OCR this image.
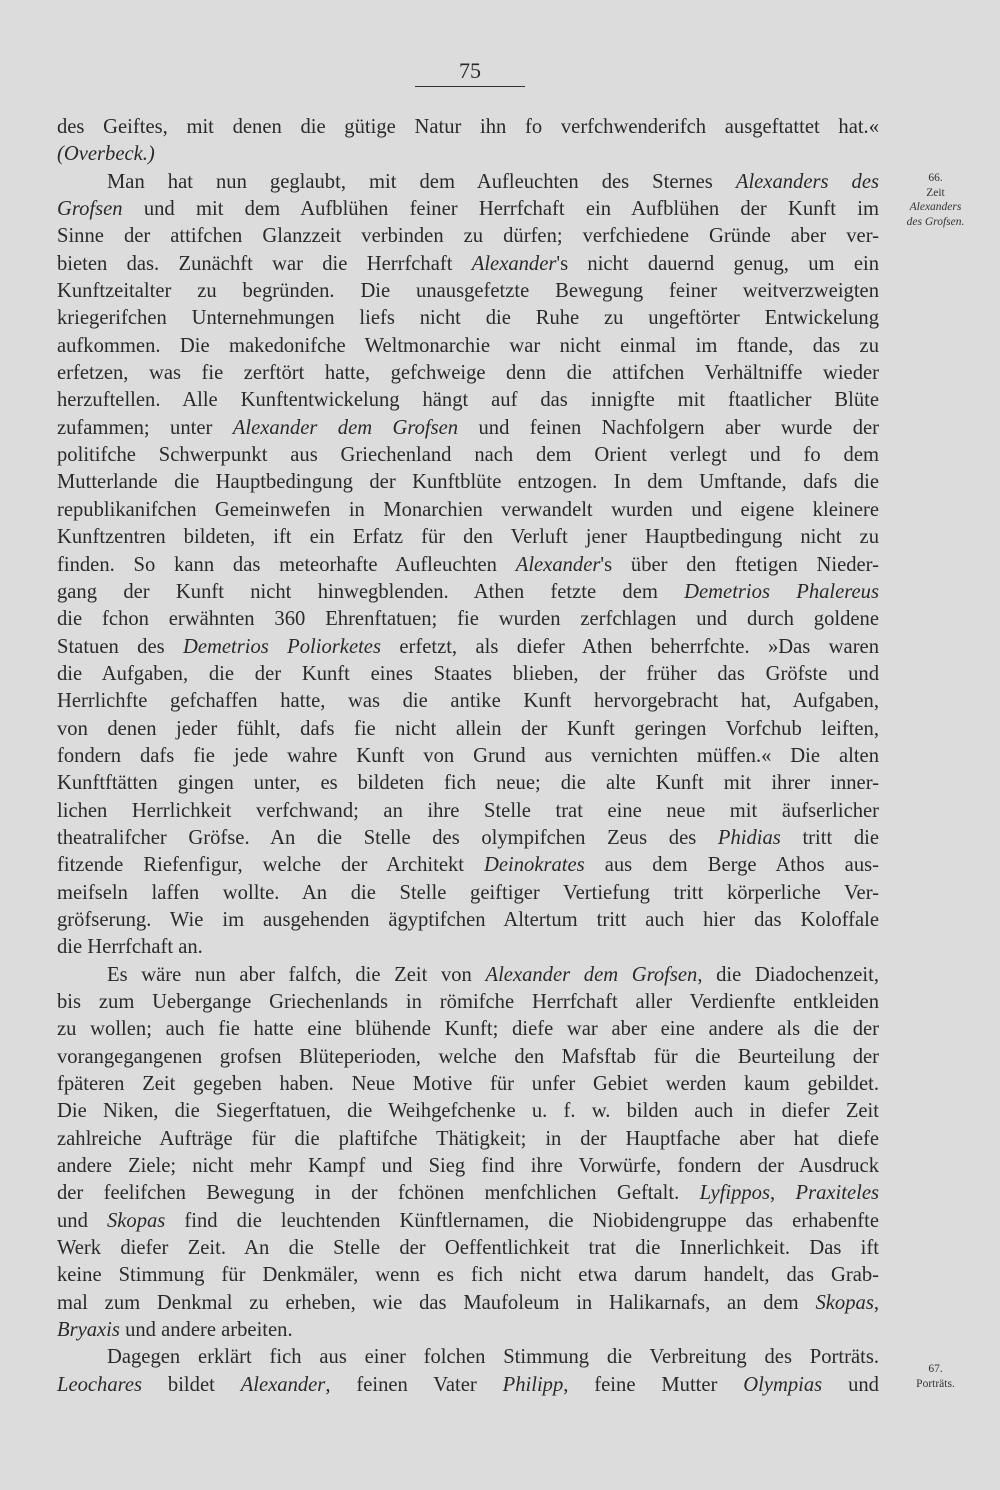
75
des Geiftes, mit denen die gütige Natur ihn fo verfchwenderifch ausgeftattet hat.«
(Overbeck.)
Man hat nun geglaubt, mit dem Aufleuchten des Sternes Alexanders des
Grofsen und mit dem Aufblühen feiner Herrfchaft ein Aufblühen der Kunft im
Sinne der attifchen Glanzzeit verbinden zu dürfen; verfchiedene Gründe aber ver-
bieten das. Zunächft war die Herrfchaft Alexander's nicht dauernd genug, um ein
Kunftzeitalter zu begründen. Die unausgefetzte Bewegung feiner weitverzweigten
kriegerifchen Unternehmungen liefs nicht die Ruhe zu ungeftörter Entwickelung
aufkommen. Die makedonifche Weltmonarchie war nicht einmal im ftande, das zu
erfetzen, was fie zerftört hatte, gefchweige denn die attifchen Verhältniffe wieder
herzuftellen. Alle Kunftentwickelung hängt auf das innigfte mit ftaatlicher Blüte
zufammen; unter Alexander dem Grofsen und feinen Nachfolgern aber wurde der
politifche Schwerpunkt aus Griechenland nach dem Orient verlegt und fo dem
Mutterlande die Hauptbedingung der Kunftblüte entzogen. In dem Umftande, dafs die
republikanifchen Gemeinwefen in Monarchien verwandelt wurden und eigene kleinere
Kunftzentren bildeten, ift ein Erfatz für den Verluft jener Hauptbedingung nicht zu
finden. So kann das meteorhafte Aufleuchten Alexander's über den ftetigen Nieder-
gang der Kunft nicht hinwegblenden. Athen fetzte dem Demetrios Phalereus
die fchon erwähnten 360 Ehrenftatuen; fie wurden zerfchlagen und durch goldene
Statuen des Demetrios Poliorketes erfetzt, als diefer Athen beherrfchte. »Das waren
die Aufgaben, die der Kunft eines Staates blieben, der früher das Gröfste und
Herrlichfte gefchaffen hatte, was die antike Kunft hervorgebracht hat, Aufgaben,
von denen jeder fühlt, dafs fie nicht allein der Kunft geringen Vorfchub leiften,
fondern dafs fie jede wahre Kunft von Grund aus vernichten müffen.« Die alten
Kunftftätten gingen unter, es bildeten fich neue; die alte Kunft mit ihrer inner-
lichen Herrlichkeit verfchwand; an ihre Stelle trat eine neue mit äufserlicher
theatralifcher Gröfse. An die Stelle des olympifchen Zeus des Phidias tritt die
fitzende Riefenfigur, welche der Architekt Deinokrates aus dem Berge Athos aus-
meifseln laffen wollte. An die Stelle geiftiger Vertiefung tritt körperliche Ver-
gröfserung. Wie im ausgehenden ägyptifchen Altertum tritt auch hier das Koloffale
die Herrfchaft an.
Es wäre nun aber falfch, die Zeit von Alexander dem Grofsen, die Diadochenzeit,
bis zum Uebergange Griechenlands in römifche Herrfchaft aller Verdienfte entkleiden
zu wollen; auch fie hatte eine blühende Kunft; diefe war aber eine andere als die der
vorangegangenen grofsen Blüteperioden, welche den Mafsftab für die Beurteilung der
fpäteren Zeit gegeben haben. Neue Motive für unfer Gebiet werden kaum gebildet.
Die Niken, die Siegerftatuen, die Weihgefchenke u. f. w. bilden auch in diefer Zeit
zahlreiche Aufträge für die plaftifche Thätigkeit; in der Hauptfache aber hat diefe
andere Ziele; nicht mehr Kampf und Sieg find ihre Vorwürfe, fondern der Ausdruck
der feelifchen Bewegung in der fchönen menfchlichen Geftalt. Lyfippos, Praxiteles
und Skopas find die leuchtenden Künftlernamen, die Niobidengruppe das erhabenfte
Werk diefer Zeit. An die Stelle der Oeffentlichkeit trat die Innerlichkeit. Das ift
keine Stimmung für Denkmäler, wenn es fich nicht etwa darum handelt, das Grab-
mal zum Denkmal zu erheben, wie das Maufoleum in Halikarnafs, an dem Skopas,
Bryaxis und andere arbeiten.
Dagegen erklärt fich aus einer folchen Stimmung die Verbreitung des Porträts.
Leochares bildet Alexander, feinen Vater Philipp, feine Mutter Olympias und
66.
Zeit
Alexanders
des Grofsen.
67.
Porträts.
